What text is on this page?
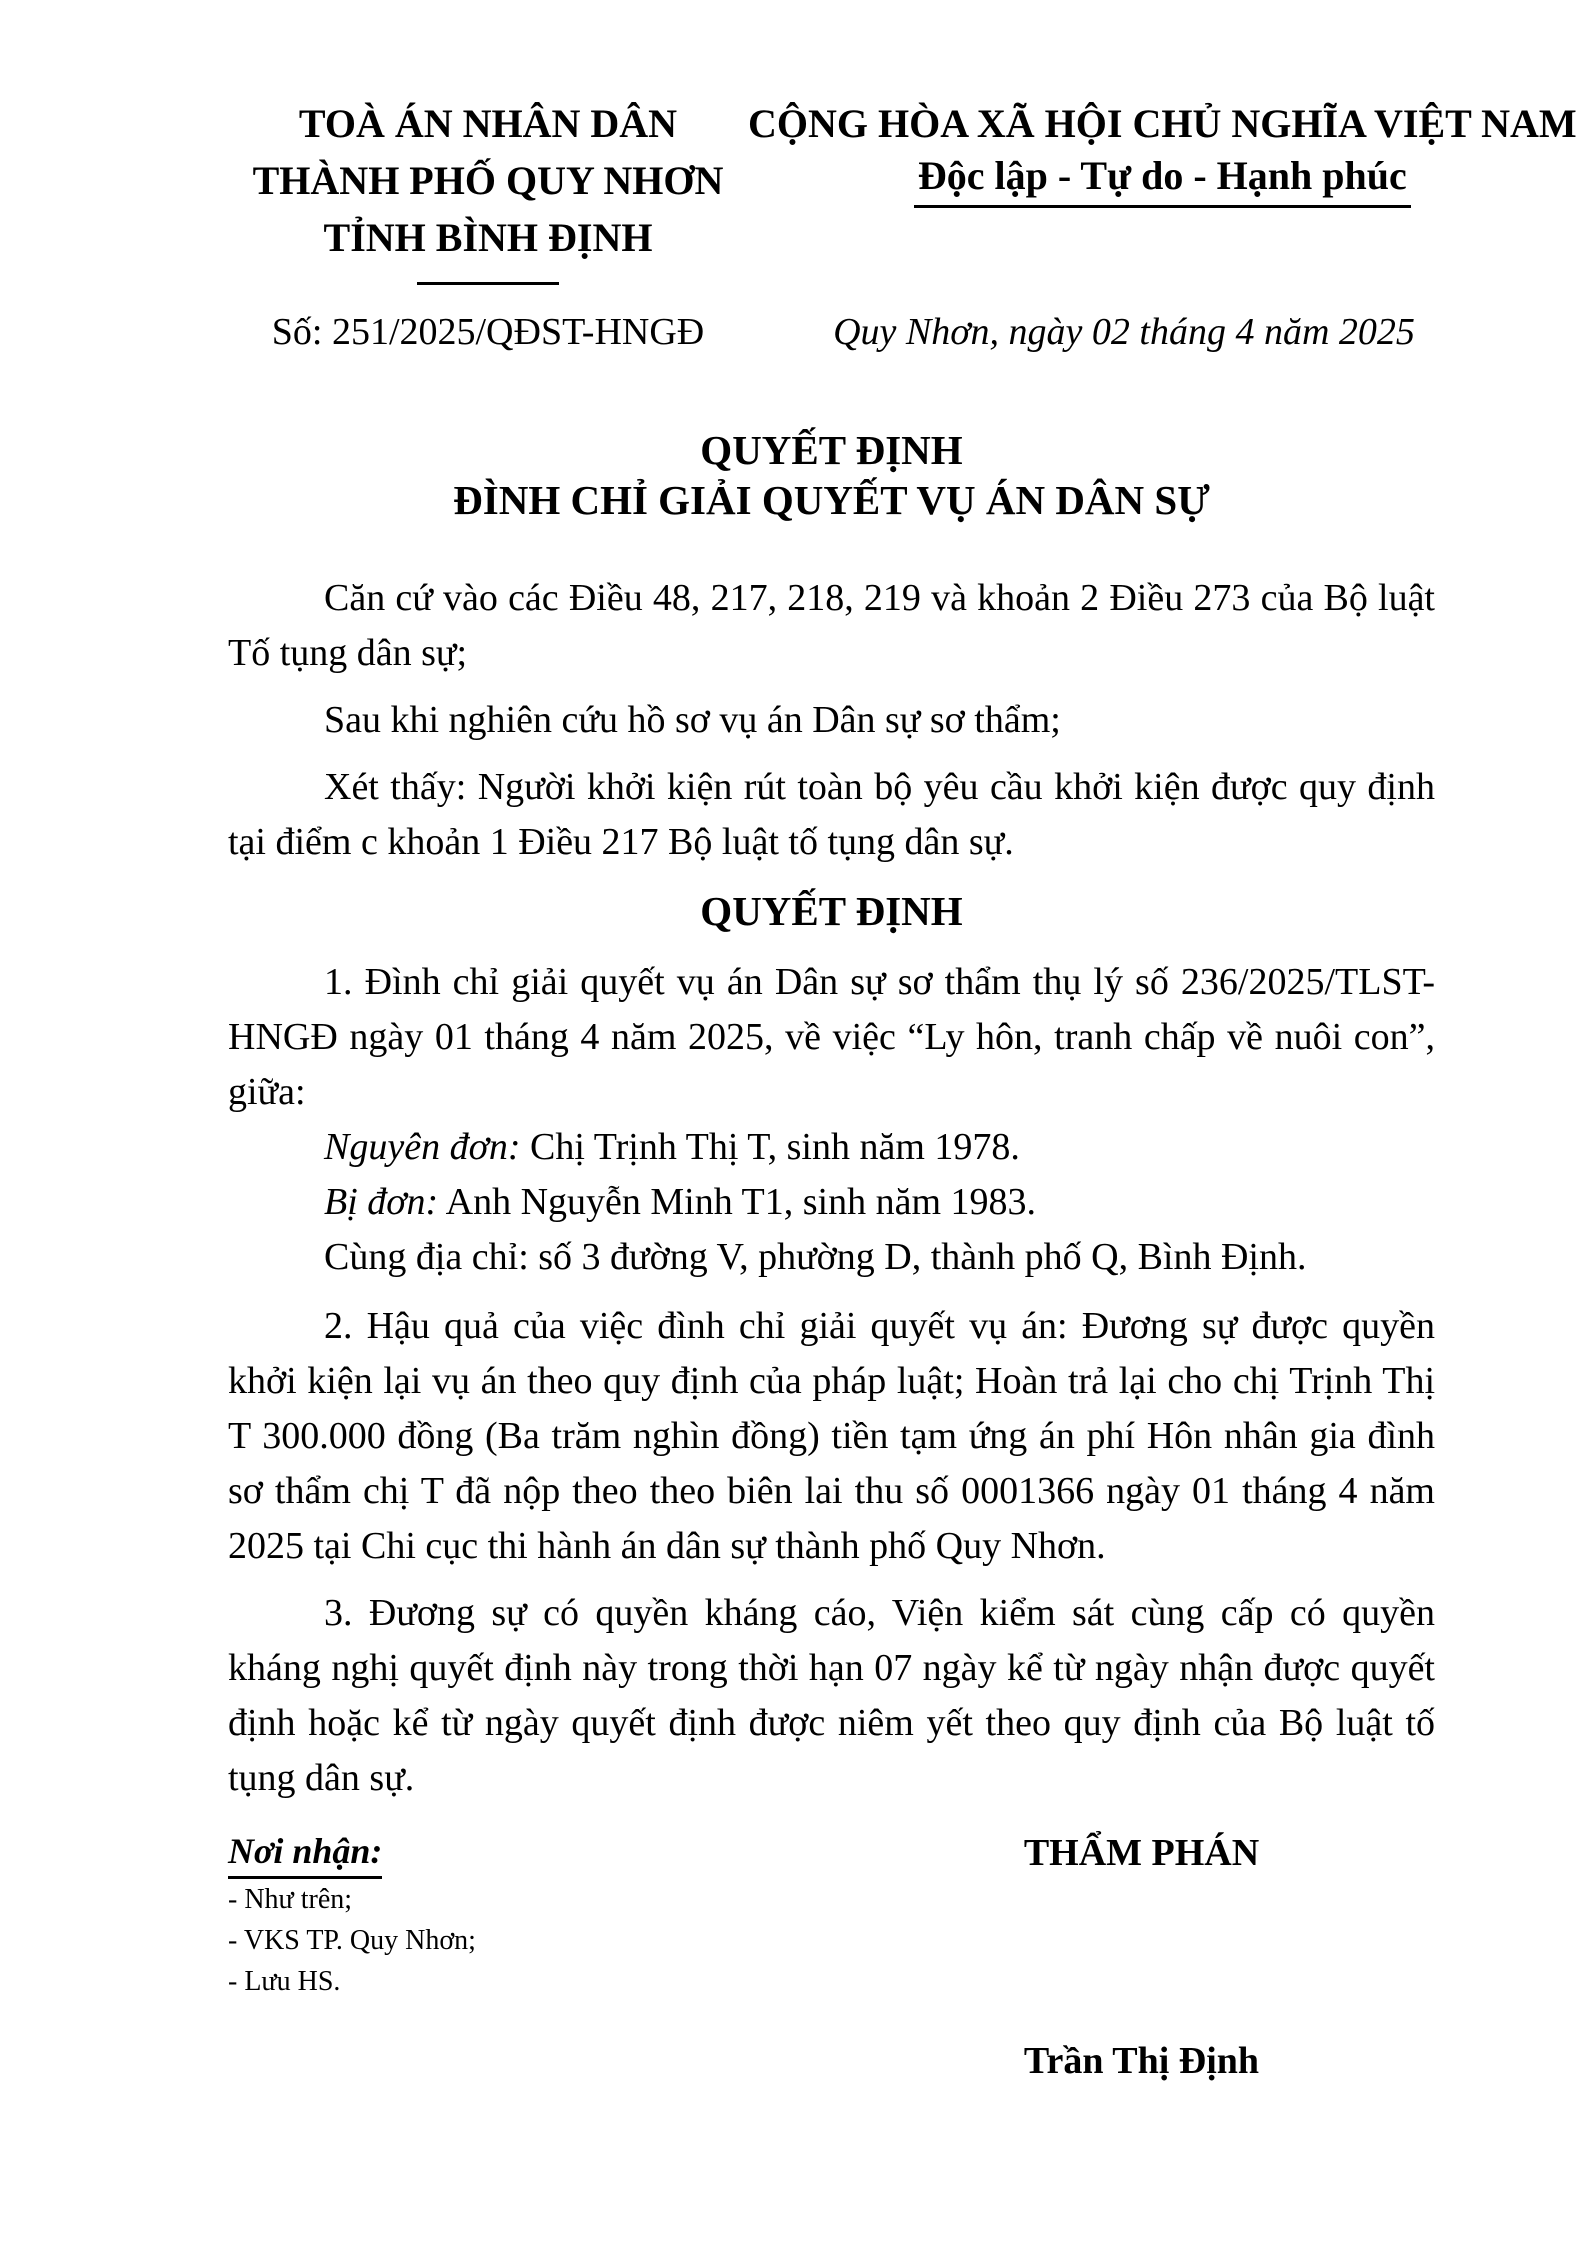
TOÀ ÁN NHÂN DÂN
THÀNH PHỐ QUY NHƠN
TỈNH BÌNH ĐỊNH
CỘNG HÒA XÃ HỘI CHỦ NGHĨA VIỆT NAM
Độc lập - Tự do - Hạnh phúc
Số: 251/2025/QĐST-HNGĐ	Quy Nhơn, ngày 02 tháng 4 năm 2025
QUYẾT ĐỊNH
ĐÌNH CHỈ GIẢI QUYẾT VỤ ÁN DÂN SỰ

Căn cứ vào các Điều 48, 217, 218, 219 và khoản 2 Điều 273 của Bộ luật Tố tụng dân sự;

Sau khi nghiên cứu hồ sơ vụ án Dân sự sơ thẩm;

Xét thấy: Người khởi kiện rút toàn bộ yêu cầu khởi kiện được quy định tại điểm c khoản 1 Điều 217 Bộ luật tố tụng dân sự.

QUYẾT ĐỊNH

1. Đình chỉ giải quyết vụ án Dân sự sơ thẩm thụ lý số 236/2025/TLST-HNGĐ ngày 01 tháng 4 năm 2025, về việc “Ly hôn, tranh chấp về nuôi con”, giữa:

Nguyên đơn: Chị Trịnh Thị T, sinh năm 1978.

Bị đơn: Anh Nguyễn Minh T1, sinh năm 1983.

Cùng địa chỉ: số 3 đường V, phường D, thành phố Q, Bình Định.

2. Hậu quả của việc đình chỉ giải quyết vụ án: Đương sự được quyền khởi kiện lại vụ án theo quy định của pháp luật; Hoàn trả lại cho chị Trịnh Thị T 300.000 đồng (Ba trăm nghìn đồng) tiền tạm ứng án phí Hôn nhân gia đình sơ thẩm chị T đã nộp theo theo biên lai thu số 0001366 ngày 01 tháng 4 năm 2025 tại Chi cục thi hành án dân sự thành phố Quy Nhơn.

3. Đương sự có quyền kháng cáo, Viện kiểm sát cùng cấp có quyền kháng nghị quyết định này trong thời hạn 07 ngày kể từ ngày nhận được quyết định hoặc kể từ ngày quyết định được niêm yết theo quy định của Bộ luật tố tụng dân sự.

Nơi nhận:
- Như trên;
- VKS TP. Quy Nhơn;
- Lưu HS.
THẨM PHÁN
Trần Thị Định
